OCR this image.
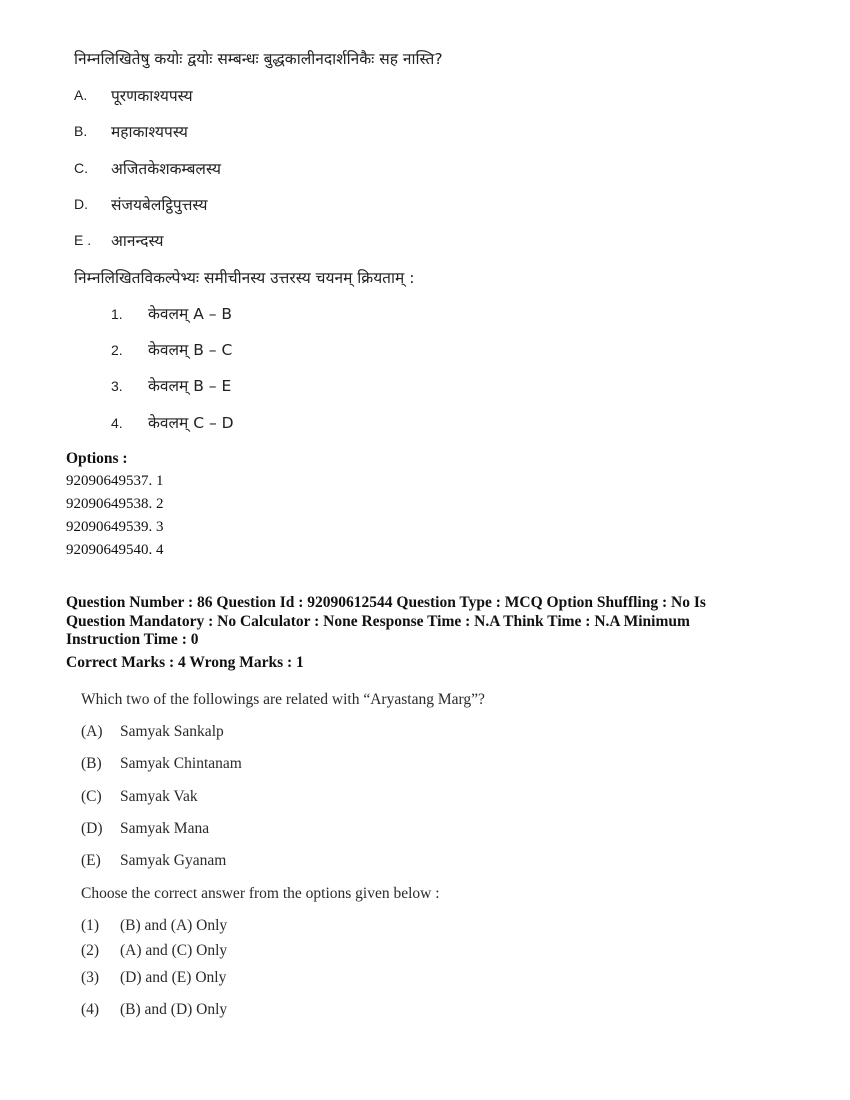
निम्नलिखितेषु कयोः द्वयोः सम्बन्धः बुद्धकालीनदार्शनिकैः सह नास्ति?
A. पूरणकाश्यपस्य
B. महाकाश्यपस्य
C. अजितकेशकम्बलस्य
D. संजयबेलट्ठिपुत्तस्य
E . आनन्दस्य
निम्नलिखितविकल्पेभ्यः समीचीनस्य उत्तरस्य चयनम् क्रियताम् :
1. केवलम् A – B
2. केवलम् B – C
3. केवलम् B – E
4. केवलम् C – D
Options :
92090649537. 1
92090649538. 2
92090649539. 3
92090649540. 4
Question Number : 86 Question Id : 92090612544 Question Type : MCQ Option Shuffling : No Is
Question Mandatory : No Calculator : None Response Time : N.A Think Time : N.A Minimum
Instruction Time : 0
Correct Marks : 4 Wrong Marks : 1
Which two of the followings are related with “Aryastang Marg”?
(A) Samyak Sankalp
(B) Samyak Chintanam
(C) Samyak Vak
(D) Samyak Mana
(E) Samyak Gyanam
Choose the correct answer from the options given below :
(1) (B) and (A) Only
(2) (A) and (C) Only
(3) (D) and (E) Only
(4) (B) and (D) Only
